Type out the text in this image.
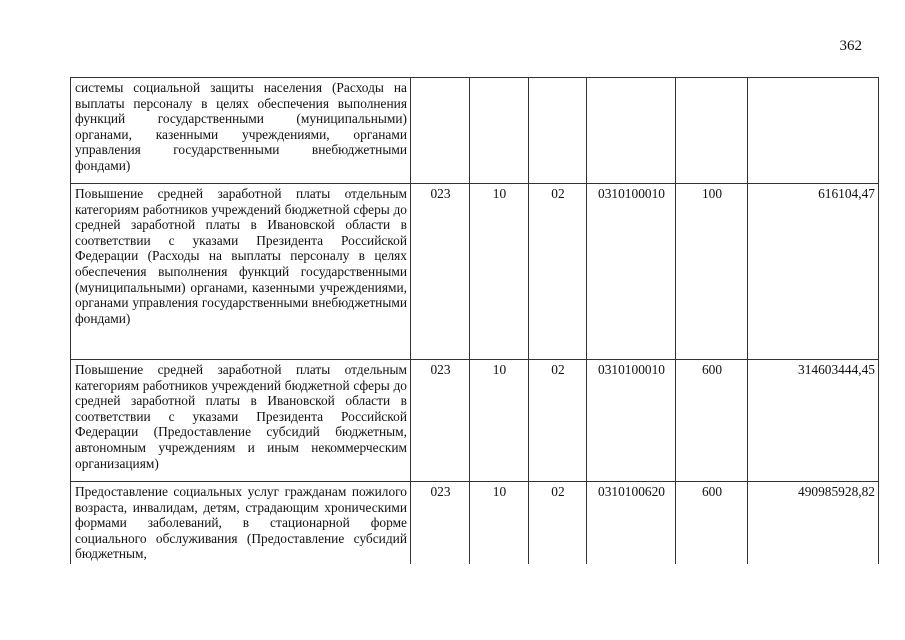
362
системы социальной защиты населения (Расходы на выплаты персоналу в целях обеспечения выполнения функций государственными (муниципальными) органами, казенными учреждениями, органами управления государственными внебюджетными фондами)						
Повышение средней заработной платы отдельным категориям работников учреждений бюджетной сферы до средней заработной платы в Ивановской области в соответствии с указами Президента Российской Федерации (Расходы на выплаты персоналу в целях обеспечения выполнения функций государственными (муниципальными) органами, казенными учреждениями, органами управления государственными внебюджетными фондами)	023	10	02	0310100010	100	616104,47
Повышение средней заработной платы отдельным категориям работников учреждений бюджетной сферы до средней заработной платы в Ивановской области в соответствии с указами Президента Российской Федерации (Предоставление субсидий бюджетным, автономным учреждениям и иным некоммерческим организациям)	023	10	02	0310100010	600	314603444,45
Предоставление социальных услуг гражданам пожилого возраста, инвалидам, детям, страдающим хроническими формами заболеваний, в стационарной форме социального обслуживания (Предоставление субсидий бюджетным,	023	10	02	0310100620	600	490985928,82
